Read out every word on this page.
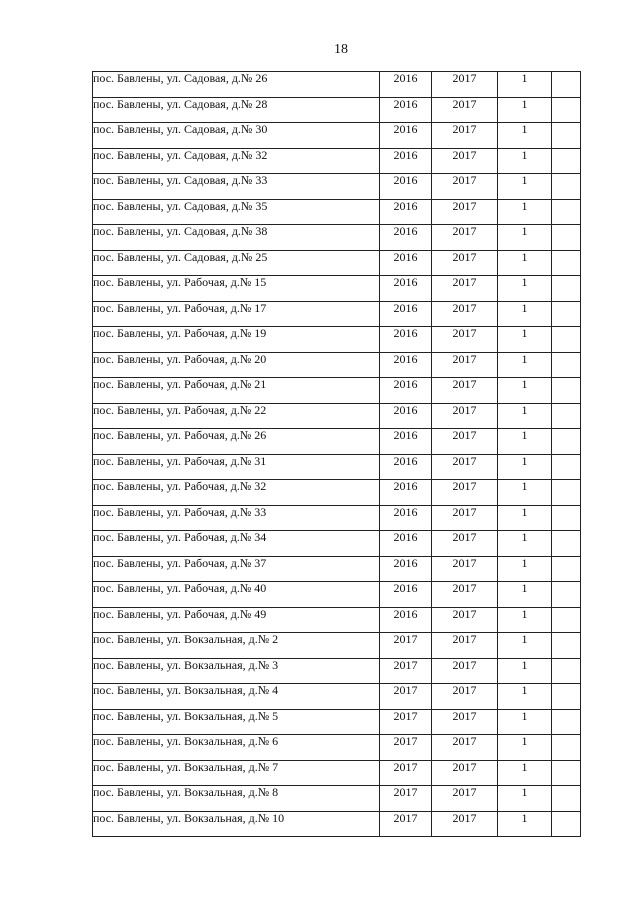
18
пос. Бавлены, ул. Садовая, д.№ 26	2016	2017	1	
пос. Бавлены, ул. Садовая, д.№ 28	2016	2017	1	
пос. Бавлены, ул. Садовая, д.№ 30	2016	2017	1	
пос. Бавлены, ул. Садовая, д.№ 32	2016	2017	1	
пос. Бавлены, ул. Садовая, д.№ 33	2016	2017	1	
пос. Бавлены, ул. Садовая, д.№ 35	2016	2017	1	
пос. Бавлены, ул. Садовая, д.№ 38	2016	2017	1	
пос. Бавлены, ул. Садовая, д.№ 25	2016	2017	1	
пос. Бавлены, ул. Рабочая, д.№ 15	2016	2017	1	
пос. Бавлены, ул. Рабочая, д.№ 17	2016	2017	1	
пос. Бавлены, ул. Рабочая, д.№ 19	2016	2017	1	
пос. Бавлены, ул. Рабочая, д.№ 20	2016	2017	1	
пос. Бавлены, ул. Рабочая, д.№ 21	2016	2017	1	
пос. Бавлены, ул. Рабочая, д.№ 22	2016	2017	1	
пос. Бавлены, ул. Рабочая, д.№ 26	2016	2017	1	
пос. Бавлены, ул. Рабочая, д.№ 31	2016	2017	1	
пос. Бавлены, ул. Рабочая, д.№ 32	2016	2017	1	
пос. Бавлены, ул. Рабочая, д.№ 33	2016	2017	1	
пос. Бавлены, ул. Рабочая, д.№ 34	2016	2017	1	
пос. Бавлены, ул. Рабочая, д.№ 37	2016	2017	1	
пос. Бавлены, ул. Рабочая, д.№ 40	2016	2017	1	
пос. Бавлены, ул. Рабочая, д.№ 49	2016	2017	1	
пос. Бавлены, ул. Вокзальная, д.№ 2	2017	2017	1	
пос. Бавлены, ул. Вокзальная, д.№ 3	2017	2017	1	
пос. Бавлены, ул. Вокзальная, д.№ 4	2017	2017	1	
пос. Бавлены, ул. Вокзальная, д.№ 5	2017	2017	1	
пос. Бавлены, ул. Вокзальная, д.№ 6	2017	2017	1	
пос. Бавлены, ул. Вокзальная, д.№ 7	2017	2017	1	
пос. Бавлены, ул. Вокзальная, д.№ 8	2017	2017	1	
пос. Бавлены, ул. Вокзальная, д.№ 10	2017	2017	1	
